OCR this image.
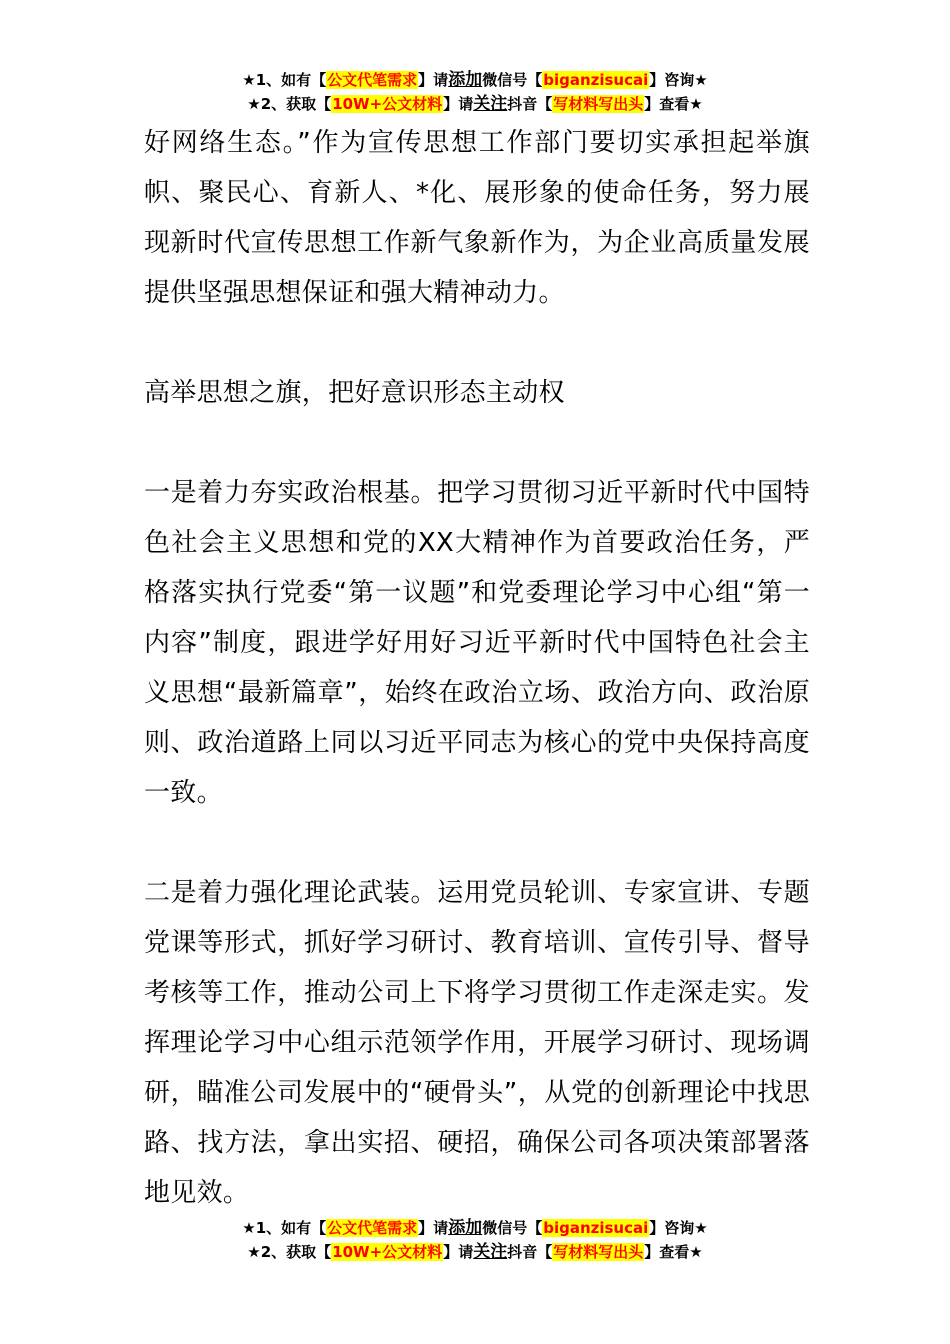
★1、如有【公文代笔需求】请添加微信号【biganzisucai】咨询★
★2、获取【10W+公文材料】请关注抖音【写材料写出头】查看★

好网络生态。”作为宣传思想工作部门要切实承担起举旗帜、聚民心、育新人、*化、展形象的使命任务，努力展现新时代宣传思想工作新气象新作为，为企业高质量发展提供坚强思想保证和强大精神动力。

高举思想之旗，把好意识形态主动权

一是着力夯实政治根基。把学习贯彻习近平新时代中国特色社会主义思想和党的XX大精神作为首要政治任务，严格落实执行党委“第一议题”和党委理论学习中心组“第一内容”制度，跟进学好用好习近平新时代中国特色社会主义思想“最新篇章”，始终在政治立场、政治方向、政治原则、政治道路上同以习近平同志为核心的党中央保持高度一致。

二是着力强化理论武装。运用党员轮训、专家宣讲、专题党课等形式，抓好学习研讨、教育培训、宣传引导、督导考核等工作，推动公司上下将学习贯彻工作走深走实。发挥理论学习中心组示范领学作用，开展学习研讨、现场调研，瞄准公司发展中的“硬骨头”，从党的创新理论中找思路、找方法，拿出实招、硬招，确保公司各项决策部署落地见效。

★1、如有【公文代笔需求】请添加微信号【biganzisucai】咨询★
★2、获取【10W+公文材料】请关注抖音【写材料写出头】查看★
